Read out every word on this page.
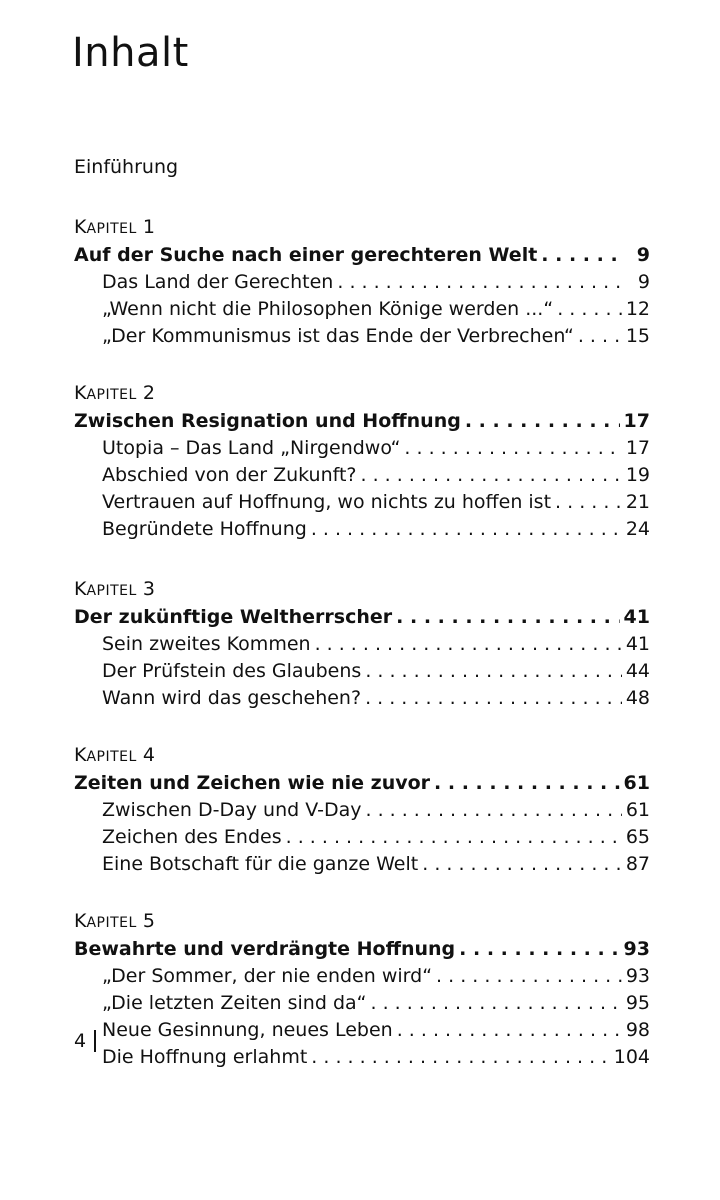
Inhalt
Einführung
KAPITEL 1
Auf der Suche nach einer gerechteren Welt . . .	9
Das Land der Gerechten . . .	9
„Wenn nicht die Philosophen Könige werden ...“ . . .	12
„Der Kommunismus ist das Ende der Verbrechen“ . . .	15
KAPITEL 2
Zwischen Resignation und Hoffnung . . .	17
Utopia – Das Land „Nirgendwo“ . . .	17
Abschied von der Zukunft? . . .	19
Vertrauen auf Hoffnung, wo nichts zu hoffen ist . . .	21
Begründete Hoffnung . . .	24
KAPITEL 3
Der zukünftige Weltherrscher . . .	41
Sein zweites Kommen . . .	41
Der Prüfstein des Glaubens . . .	44
Wann wird das geschehen? . . .	48
KAPITEL 4
Zeiten und Zeichen wie nie zuvor . . .	61
Zwischen D-Day und V-Day . . .	61
Zeichen des Endes . . .	65
Eine Botschaft für die ganze Welt . . .	87
KAPITEL 5
Bewahrte und verdrängte Hoffnung . . .	93
„Der Sommer, der nie enden wird“ . . .	93
„Die letzten Zeiten sind da“ . . .	95
Neue Gesinnung, neues Leben . . .	98
Die Hoffnung erlahmt . . .	104
4
